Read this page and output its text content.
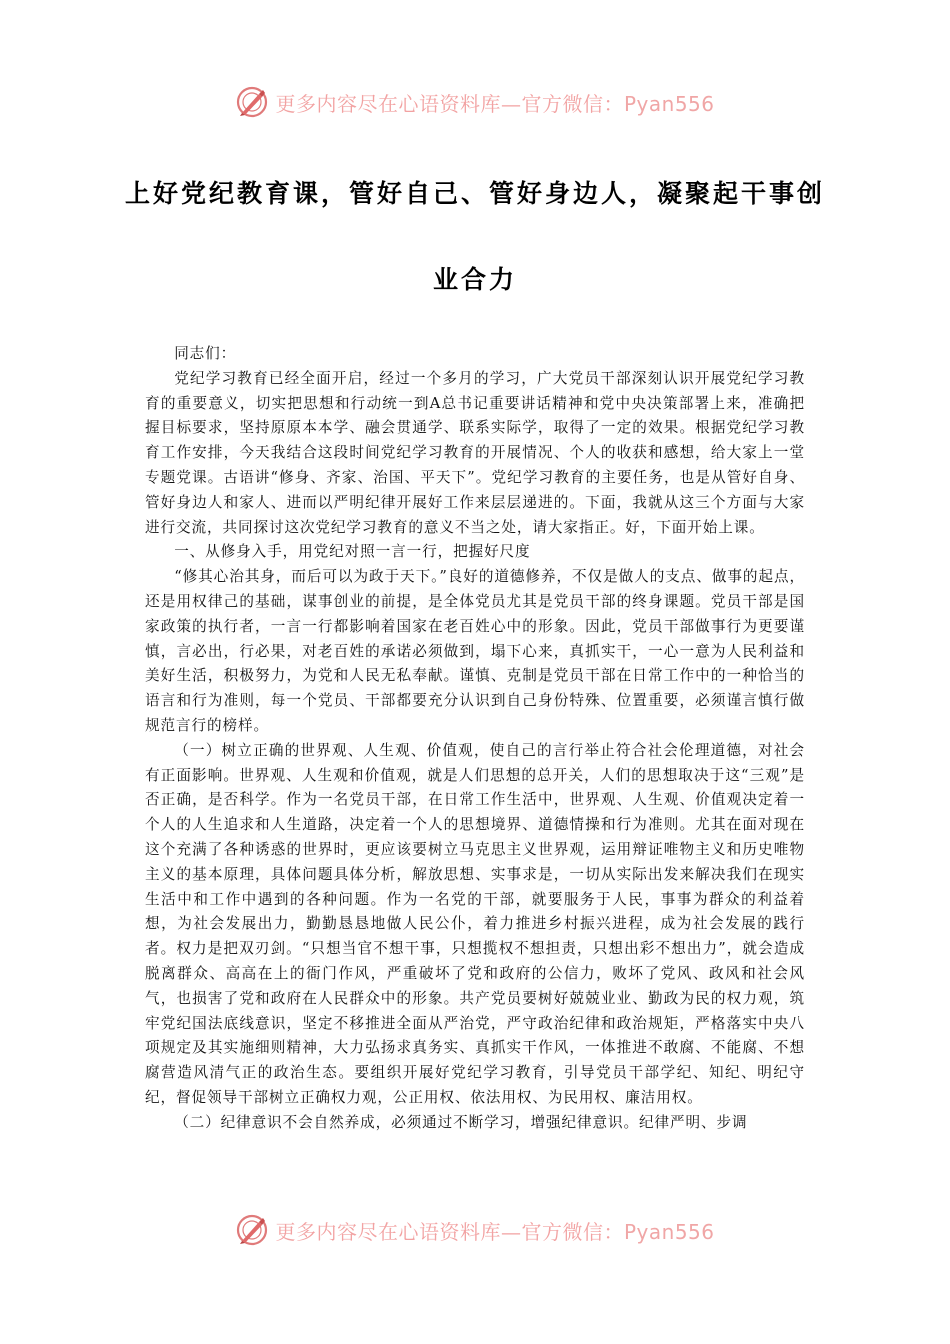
更多内容尽在心语资料库—官方微信：Pyan556
上好党纪教育课，管好自己、管好身边人，凝聚起干事创
业合力

同志们：

党纪学习教育已经全面开启，经过一个多月的学习，广大党员干部深刻认识开展党纪学习教育的重要意义，切实把思想和行动统一到A总书记重要讲话精神和党中央决策部署上来，准确把握目标要求，坚持原原本本学、融会贯通学、联系实际学，取得了一定的效果。根据党纪学习教育工作安排，今天我结合这段时间党纪学习教育的开展情况、个人的收获和感想，给大家上一堂专题党课。古语讲“修身、齐家、治国、平天下”。党纪学习教育的主要任务，也是从管好自身、管好身边人和家人、进而以严明纪律开展好工作来层层递进的。下面，我就从这三个方面与大家进行交流，共同探讨这次党纪学习教育的意义不当之处，请大家指正。好，下面开始上课。

一、从修身入手，用党纪对照一言一行，把握好尺度

“修其心治其身，而后可以为政于天下。”良好的道德修养，不仅是做人的支点、做事的起点，还是用权律己的基础，谋事创业的前提，是全体党员尤其是党员干部的终身课题。党员干部是国家政策的执行者，一言一行都影响着国家在老百姓心中的形象。因此，党员干部做事行为更要谨慎，言必出，行必果，对老百姓的承诺必须做到，塌下心来，真抓实干，一心一意为人民利益和美好生活，积极努力，为党和人民无私奉献。谨慎、克制是党员干部在日常工作中的一种恰当的语言和行为准则，每一个党员、干部都要充分认识到自己身份特殊、位置重要，必须谨言慎行做规范言行的榜样。

（一）树立正确的世界观、人生观、价值观，使自己的言行举止符合社会伦理道德，对社会有正面影响。世界观、人生观和价值观，就是人们思想的总开关，人们的思想取决于这“三观”是否正确，是否科学。作为一名党员干部，在日常工作生活中，世界观、人生观、价值观决定着一个人的人生追求和人生道路，决定着一个人的思想境界、道德情操和行为准则。尤其在面对现在这个充满了各种诱惑的世界时，更应该要树立马克思主义世界观，运用辩证唯物主义和历史唯物主义的基本原理，具体问题具体分析，解放思想、实事求是，一切从实际出发来解决我们在现实生活中和工作中遇到的各种问题。作为一名党的干部，就要服务于人民，事事为群众的利益着想，为社会发展出力，勤勤恳恳地做人民公仆，着力推进乡村振兴进程，成为社会发展的践行者。权力是把双刃剑。“只想当官不想干事，只想揽权不想担责，只想出彩不想出力”，就会造成脱离群众、高高在上的衙门作风，严重破坏了党和政府的公信力，败坏了党风、政风和社会风气，也损害了党和政府在人民群众中的形象。共产党员要树好兢兢业业、勤政为民的权力观，筑牢党纪国法底线意识，坚定不移推进全面从严治党，严守政治纪律和政治规矩，严格落实中央八项规定及其实施细则精神，大力弘扬求真务实、真抓实干作风，一体推进不敢腐、不能腐、不想腐营造风清气正的政治生态。要组织开展好党纪学习教育，引导党员干部学纪、知纪、明纪守纪，督促领导干部树立正确权力观，公正用权、依法用权、为民用权、廉洁用权。

（二）纪律意识不会自然养成，必须通过不断学习，增强纪律意识。纪律严明、步调

更多内容尽在心语资料库—官方微信：Pyan556
